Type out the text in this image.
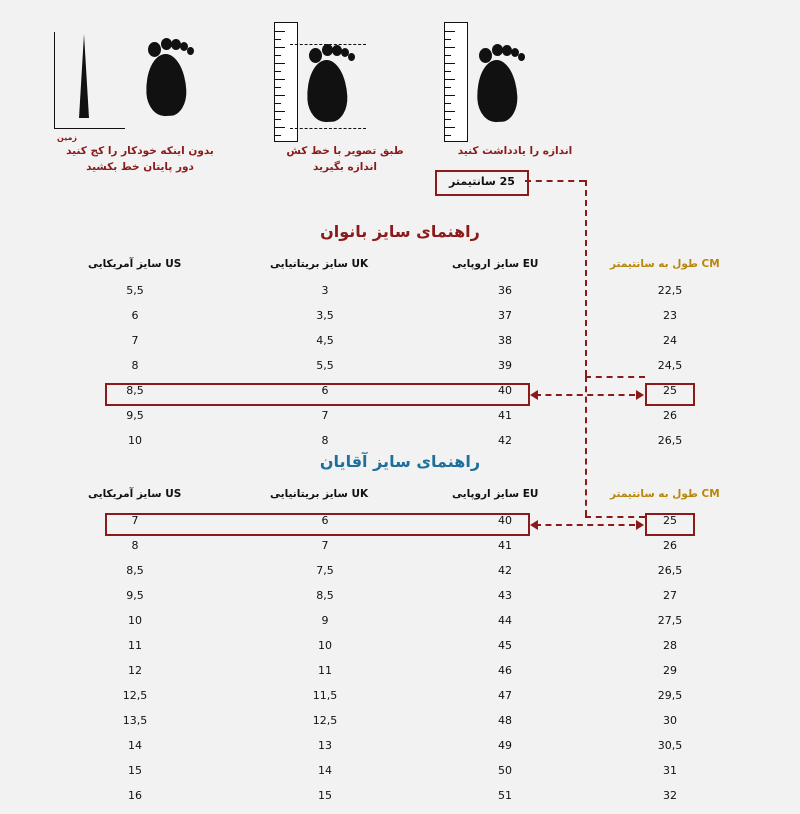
زمین
بدون اینکه خودکار را کج کنید
دور پایتان خط بکشید
طبق تصویر با خط کش
اندازه بگیرید
اندازه را یادداشت کنید
25 سانتیمتر
راهنمای سایز بانوان
US سایز آمریکایی	UK سایز بریتانیایی	EU سایز اروپایی	CM طول به سانتیمتر
5,5	3	36	22,5
6	3,5	37	23
7	4,5	38	24
8	5,5	39	24,5
8,5	6	40	25
9,5	7	41	26
10	8	42	26,5
راهنمای سایز آقایان
US سایز آمریکایی	UK سایز بریتانیایی	EU سایز اروپایی	CM طول به سانتیمتر
7	6	40	25
8	7	41	26
8,5	7,5	42	26,5
9,5	8,5	43	27
10	9	44	27,5
11	10	45	28
12	11	46	29
12,5	11,5	47	29,5
13,5	12,5	48	30
14	13	49	30,5
15	14	50	31
16	15	51	32
